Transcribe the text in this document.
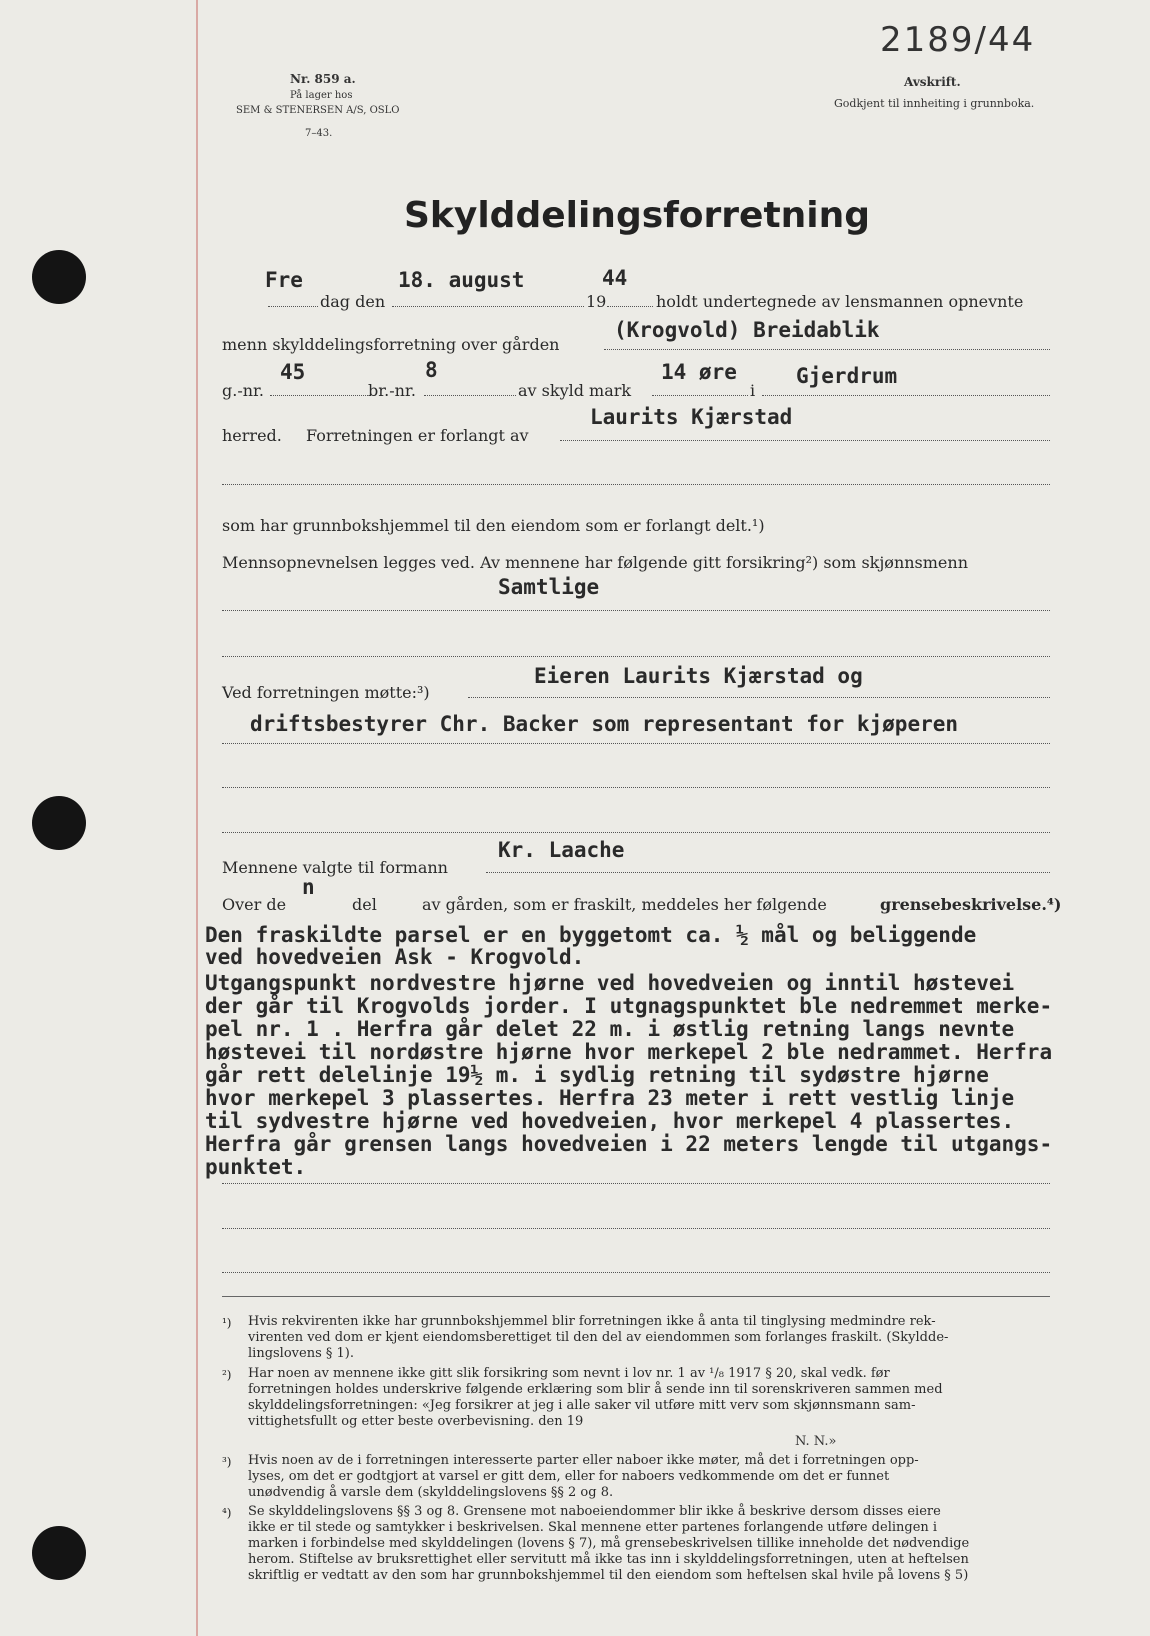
Nr. 859 a.
På lager hos
SEM & STENERSEN A/S, OSLO
7–43.
2189/44
Avskrift.
Godkjent til innheiting i grunnboka.
Skylddelingsforretning
Fre	18. august	44
dag den	19	holdt undertegnede av lensmannen opnevnte
menn skylddelingsforretning over gården
(Krogvold) Breidablik
45	8	14 øre	Gjerdrum
g.-nr.	br.-nr.	av skyld mark	i
herred. Forretningen er forlangt av
Laurits Kjærstad
som har grunnbokshjemmel til den eiendom som er forlangt delt.¹)
Mennsopnevnelsen legges ved. Av mennene har følgende gitt forsikring²) som skjønnsmenn
Samtlige
Eieren Laurits Kjærstad og
Ved forretningen møtte:³)
driftsbestyrer Chr. Backer som representant for kjøperen
Kr. Laache
Mennene valgte til formann
n
Over de	del	av gården, som er fraskilt, meddeles her følgende	grensebeskrivelse.⁴)
Den fraskildte parsel er en byggetomt ca. ½ mål og beliggende
ved hovedveien Ask - Krogvold.
Utgangspunkt nordvestre hjørne ved hovedveien og inntil høstevei
der går til Krogvolds jorder. I utgnagspunktet ble nedremmet merke-
pel nr. 1 . Herfra går delet 22 m. i østlig retning langs nevnte
høstevei til nordøstre hjørne hvor merkepel 2 ble nedrammet. Herfra
går rett delelinje 19½ m. i sydlig retning til sydøstre hjørne
hvor merkepel 3 plassertes. Herfra 23 meter i rett vestlig linje
til sydvestre hjørne ved hovedveien, hvor merkepel 4 plassertes.
Herfra går grensen langs hovedveien i 22 meters lengde til utgangs-
punktet.
¹) Hvis rekvirenten ikke har grunnbokshjemmel blir forretningen ikke å anta til tinglysing medmindre rek-
virenten ved dom er kjent eiendomsberettiget til den del av eiendommen som forlanges fraskilt. (Skyldde-
lingslovens § 1).
²) Har noen av mennene ikke gitt slik forsikring som nevnt i lov nr. 1 av ¹/₈ 1917 § 20, skal vedk. før
forretningen holdes underskrive følgende erklæring som blir å sende inn til sorenskriveren sammen med
skylddelingsforretningen: «Jeg forsikrer at jeg i alle saker vil utføre mitt verv som skjønnsmann sam-
vittighetsfullt og etter beste overbevisning. den 19
N. N.»
³) Hvis noen av de i forretningen interesserte parter eller naboer ikke møter, må det i forretningen opp-
lyses, om det er godtgjort at varsel er gitt dem, eller for naboers vedkommende om det er funnet
unødvendig å varsle dem (skylddelingslovens §§ 2 og 8.
⁴) Se skylddelingslovens §§ 3 og 8. Grensene mot naboeiendommer blir ikke å beskrive dersom disses eiere
ikke er til stede og samtykker i beskrivelsen. Skal mennene etter partenes forlangende utføre delingen i
marken i forbindelse med skylddelingen (lovens § 7), må grensebeskrivelsen tillike inneholde det nødvendige
herom. Stiftelse av bruksrettighet eller servitutt må ikke tas inn i skylddelingsforretningen, uten at heftelsen
skriftlig er vedtatt av den som har grunnbokshjemmel til den eiendom som heftelsen skal hvile på lovens § 5)
